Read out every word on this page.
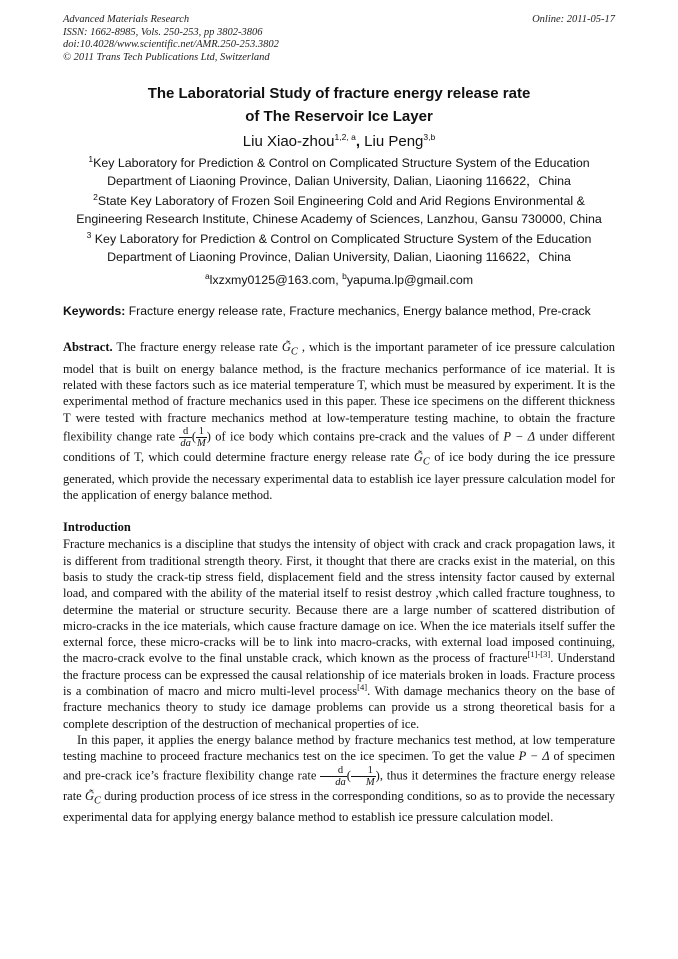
Advanced Materials Research
ISSN: 1662-8985, Vols. 250-253, pp 3802-3806
doi:10.4028/www.scientific.net/AMR.250-253.3802
© 2011 Trans Tech Publications Ltd, Switzerland
Online: 2011-05-17
The Laboratorial Study of fracture energy release rate
of The Reservoir Ice Layer
Liu Xiao-zhou$^{1,2, a}$, Liu Peng$^{3,b}$
$^1$Key Laboratory for Prediction & Control on Complicated Structure System of the Education Department of Liaoning Province, Dalian University, Dalian, Liaoning 116622，China
$^2$State Key Laboratory of Frozen Soil Engineering Cold and Arid Regions Environmental & Engineering Research Institute, Chinese Academy of Sciences, Lanzhou, Gansu 730000, China
$^3$ Key Laboratory for Prediction & Control on Complicated Structure System of the Education Department of Liaoning Province, Dalian University, Dalian, Liaoning 116622，China
$^a$lxzxmy0125@163.com, $^b$yapuma.lp@gmail.com
Keywords: Fracture energy release rate, Fracture mechanics, Energy balance method, Pre-crack

Abstract. The fracture energy release rate $G̃_C$ , which is the important parameter of ice pressure calculation model that is built on energy balance method, is the fracture mechanics performance of ice material. It is related with these factors such as ice material temperature T, which must be measured by experiment. It is the experimental method of fracture mechanics used in this paper. These ice specimens on the different thickness T were tested with fracture mechanics method at low-temperature testing machine, to obtain the fracture flexibility change rate $\frac{d}{da}$ ( $\frac{1}{M}$ ) of ice body which contains pre-crack and the values of P − Δ under different conditions of T, which could determine fracture energy release rate $G̃_C$ of ice body during the ice pressure generated, which provide the necessary experimental data to establish ice layer pressure calculation model for the application of energy balance method.

Introduction

Fracture mechanics is a discipline that studys the intensity of object with crack and crack propagation laws, it is different from traditional strength theory. First, it thought that there are cracks exist in the material, on this basis to study the crack-tip stress field, displacement field and the stress intensity factor caused by external load, and compared with the ability of the material itself to resist destroy ,which called fracture toughness, to determine the material or structure security. Because there are a large number of scattered distribution of micro-cracks in the ice materials, which cause fracture damage on ice. When the ice materials itself suffer the external force, these micro-cracks will be to link into macro-cracks, with external load imposed continuing, the macro-crack evolve to the final unstable crack, which known as the process of fracture[1]-[3]. Understand the fracture process can be expressed the causal relationship of ice materials broken in loads. Fracture process is a combination of macro and micro multi-level process[4]. With damage mechanics theory on the base of fracture mechanics theory to study ice damage problems can provide us a strong theoretical basis for a complete description of the destruction of mechanical properties of ice.

In this paper, it applies the energy balance method by fracture mechanics test method, at low temperature testing machine to proceed fracture mechanics test on the ice specimen. To get the value P − Δ of specimen and pre-crack ice’s fracture flexibility change rate $\frac{d}{da}$ ( $\frac{1}{M}$ ), thus it determines the fracture energy release rate $G̃_C$ during production process of ice stress in the corresponding conditions, so as to provide the necessary experimental data for applying energy balance method to establish ice pressure calculation model.
